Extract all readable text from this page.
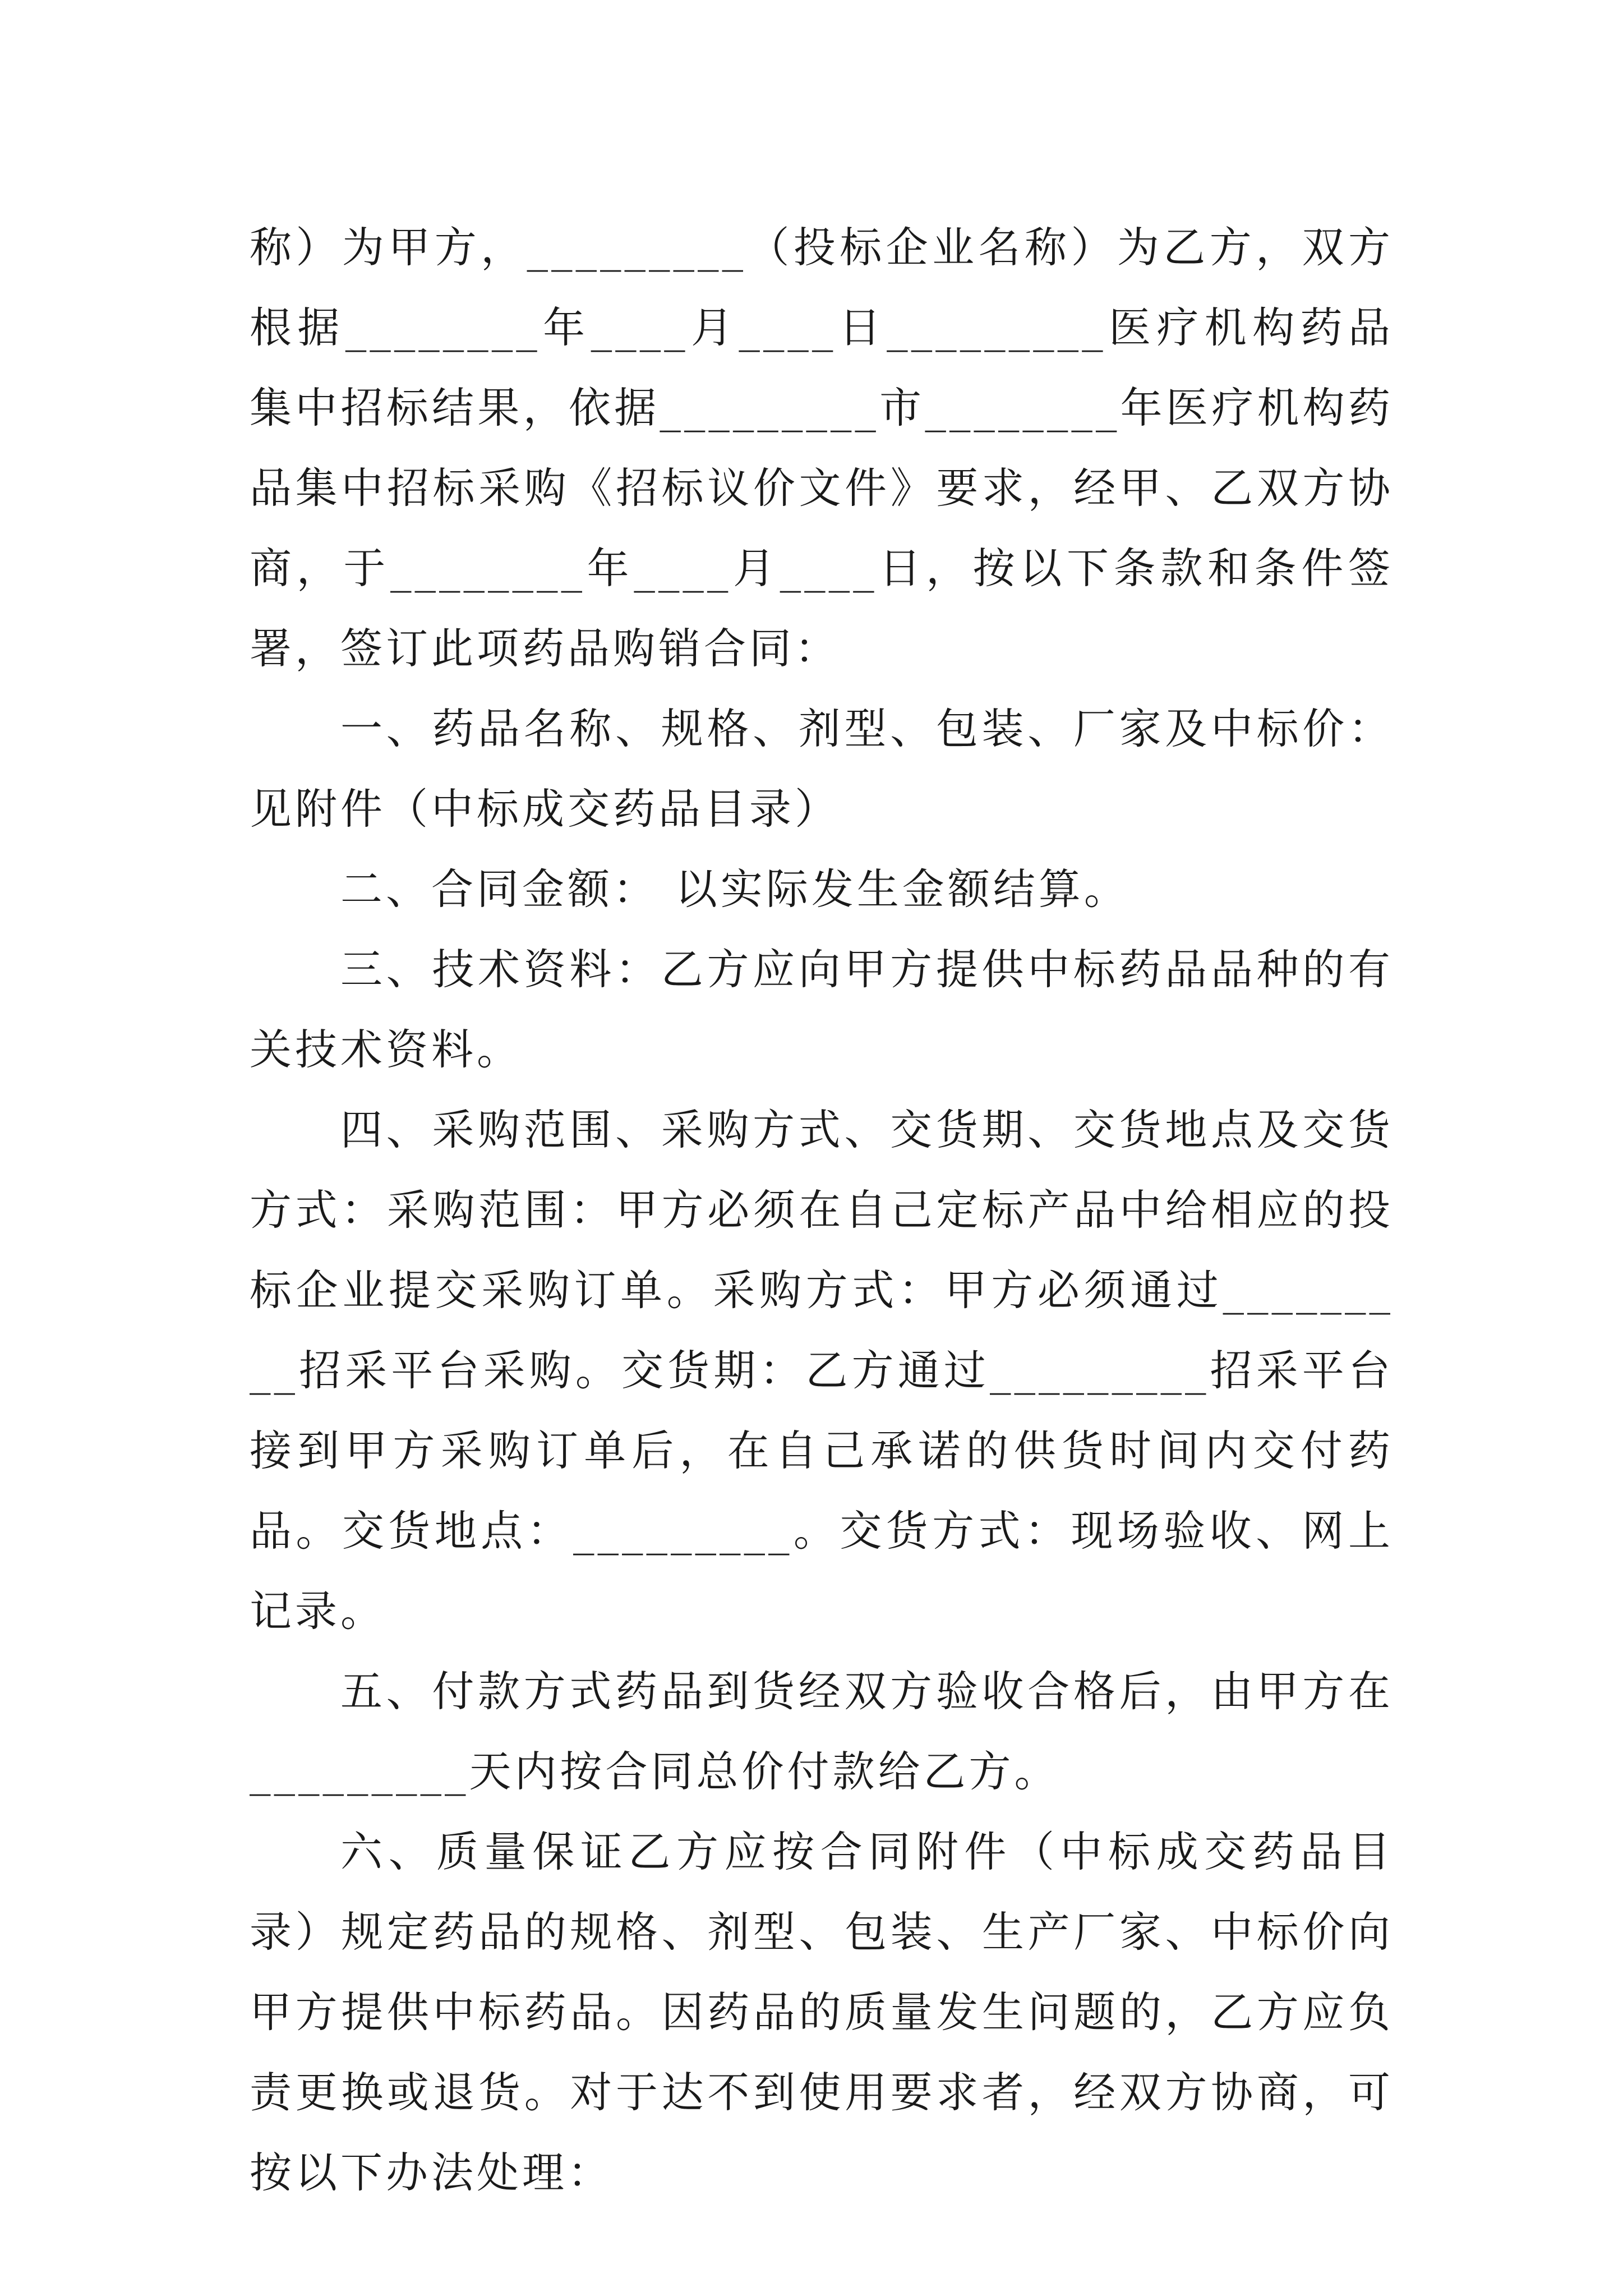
称）为甲方，_________（投标企业名称）为乙方，双方根据________年____月____日_________医疗机构药品集中招标结果，依据_________市________年医疗机构药品集中招标采购《招标议价文件》要求，经甲、乙双方协商，于________年____月____日，按以下条款和条件签署，签订此项药品购销合同：

一、药品名称、规格、剂型、包装、厂家及中标价：见附件（中标成交药品目录）

二、合同金额： 以实际发生金额结算。

三、技术资料：乙方应向甲方提供中标药品品种的有关技术资料。

四、采购范围、采购方式、交货期、交货地点及交货方式：采购范围：甲方必须在自己定标产品中给相应的投标企业提交采购订单。采购方式：甲方必须通过_________招采平台采购。交货期：乙方通过_________招采平台接到甲方采购订单后，在自己承诺的供货时间内交付药品。交货地点：_________。交货方式：现场验收、网上记录。

五、付款方式药品到货经双方验收合格后，由甲方在_________天内按合同总价付款给乙方。

六、质量保证乙方应按合同附件（中标成交药品目录）规定药品的规格、剂型、包装、生产厂家、中标价向甲方提供中标药品。因药品的质量发生问题的，乙方应负责更换或退货。对于达不到使用要求者，经双方协商，可按以下办法处理：
